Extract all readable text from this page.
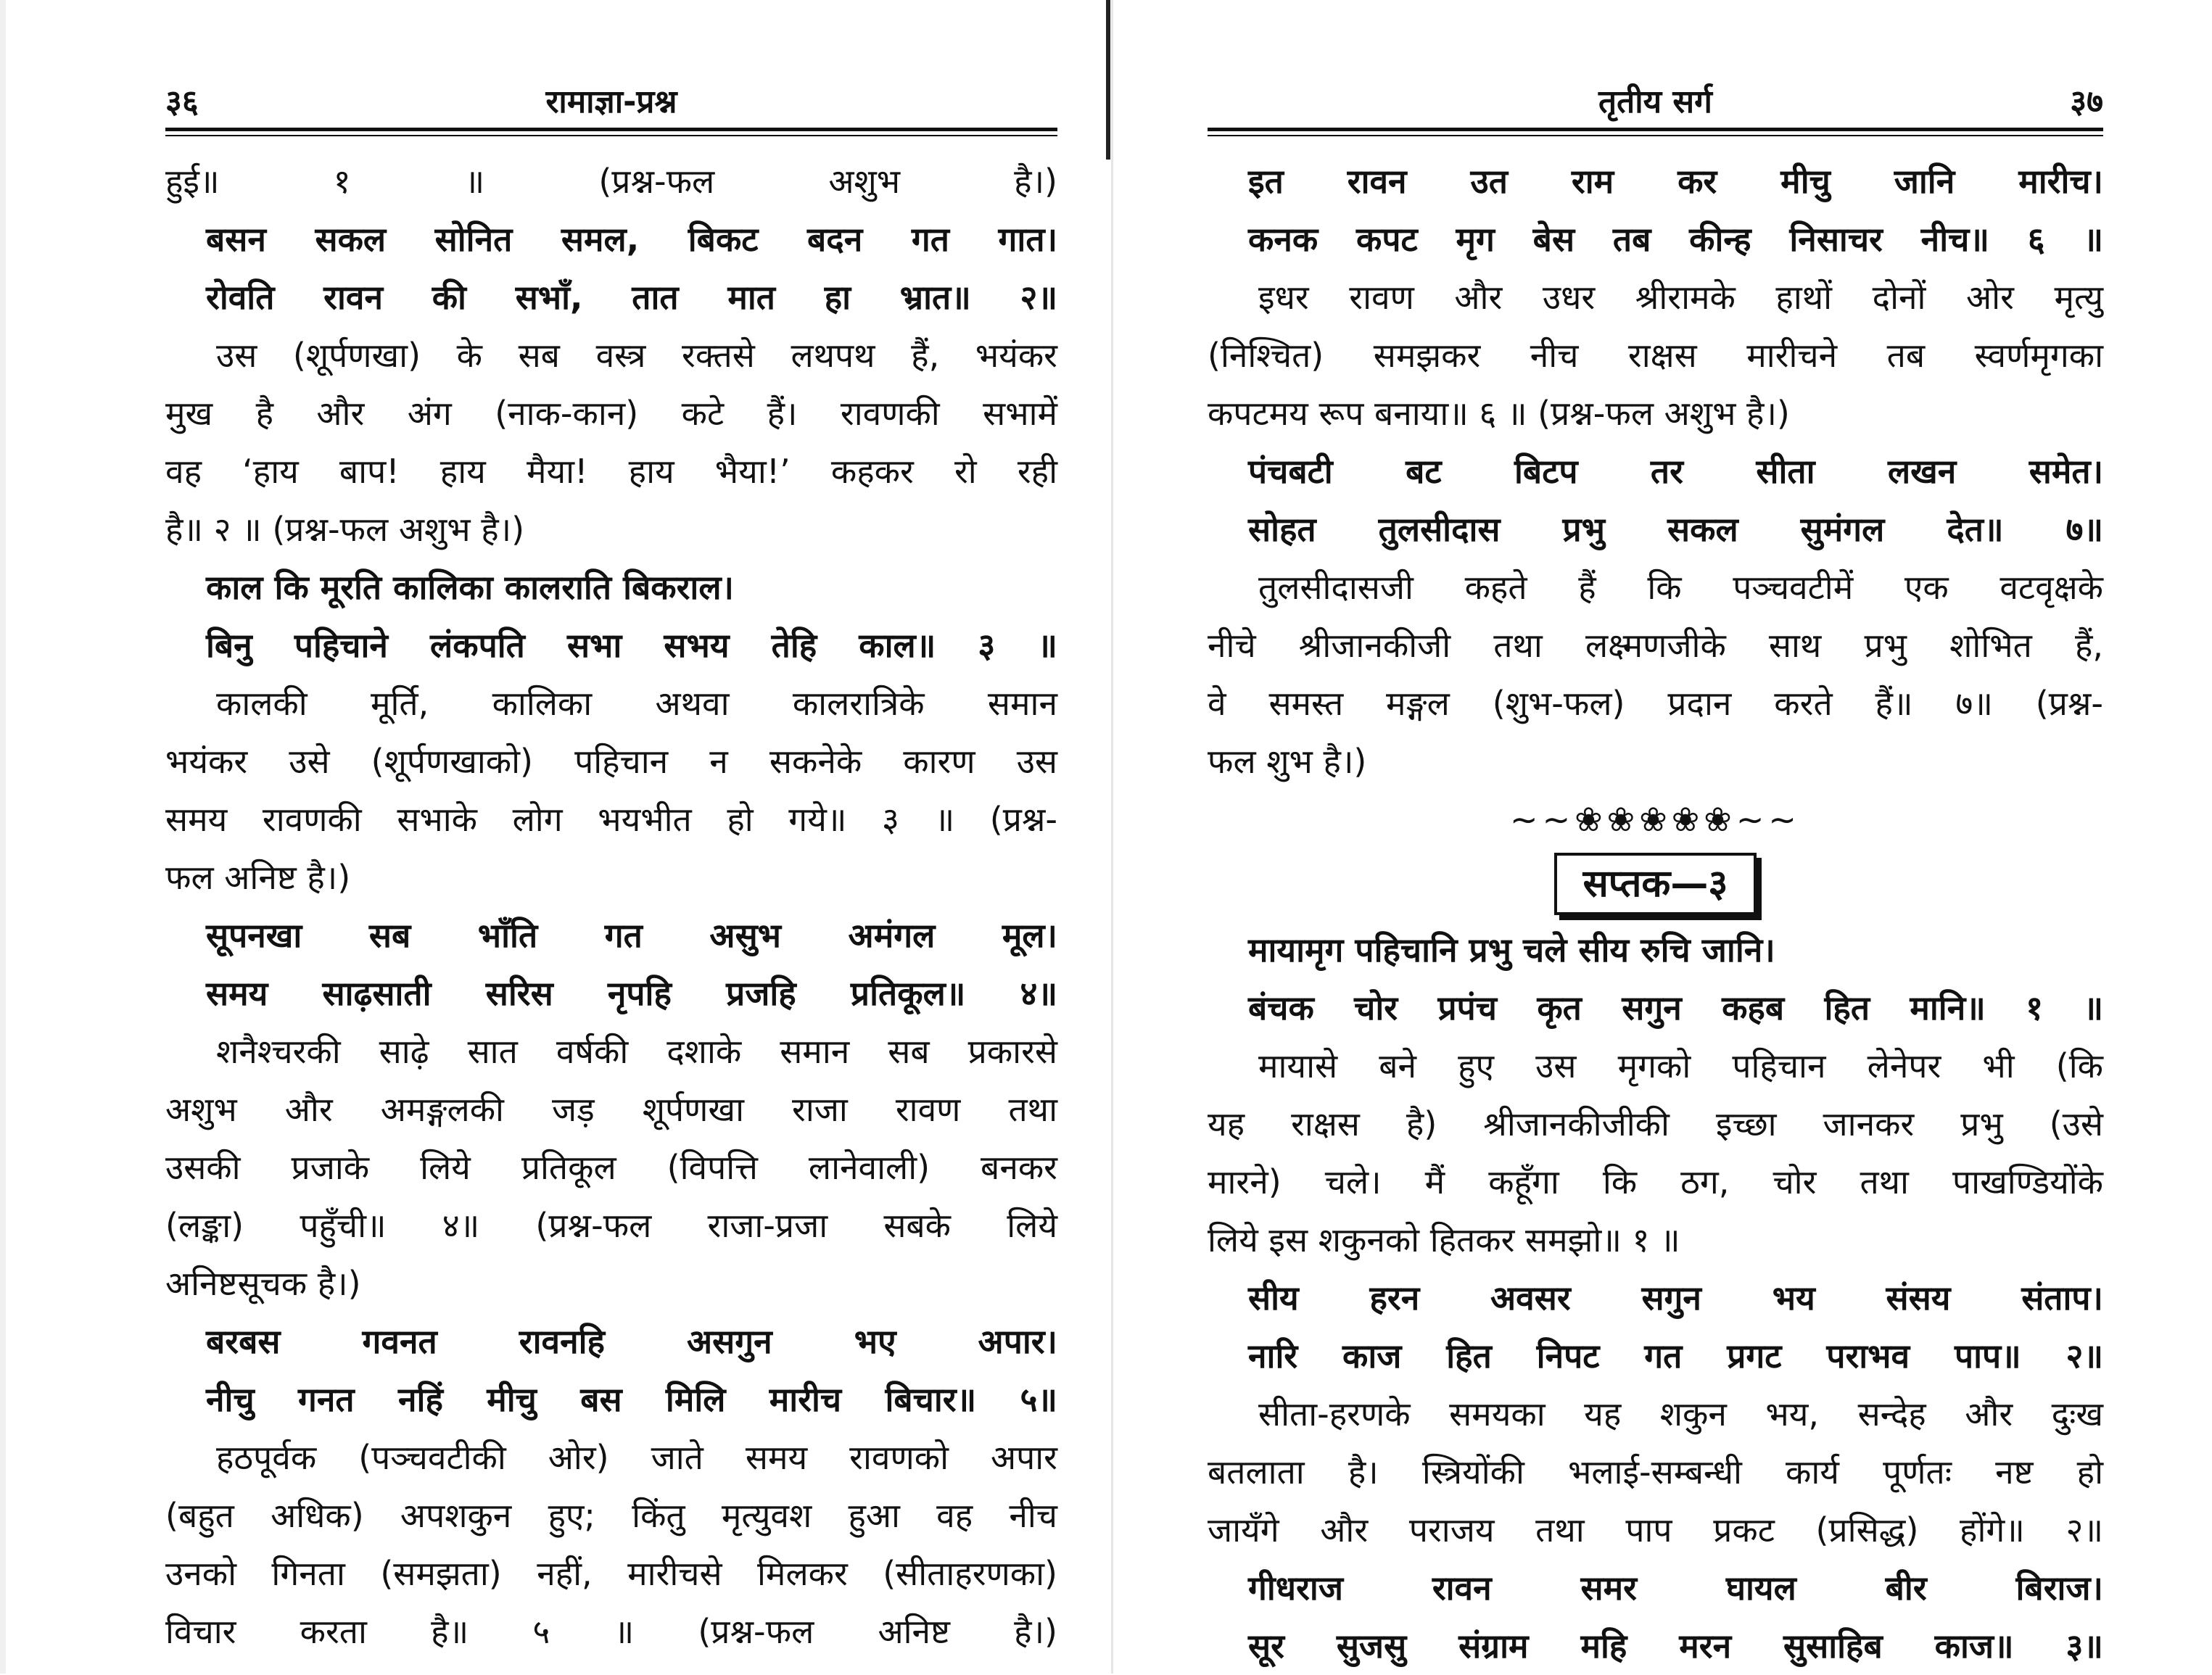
३६	रामाज्ञा-प्रश्न
हुई॥ १ ॥ (प्रश्न-फल अशुभ है।)
बसन सकल सोनित समल, बिकट बदन गत गात।
रोवति रावन की सभाँ, तात मात हा भ्रात॥ २॥
उस (शूर्पणखा) के सब वस्त्र रक्तसे लथपथ हैं, भयंकर
मुख है और अंग (नाक-कान) कटे हैं। रावणकी सभामें
वह ‘हाय बाप! हाय मैया! हाय भैया!’ कहकर रो रही
है॥ २ ॥ (प्रश्न-फल अशुभ है।)
काल कि मूरति कालिका कालराति बिकराल।
बिनु पहिचाने लंकपति सभा सभय तेहि काल॥ ३ ॥
कालकी मूर्ति, कालिका अथवा कालरात्रिके समान
भयंकर उसे (शूर्पणखाको) पहिचान न सकनेके कारण उस
समय रावणकी सभाके लोग भयभीत हो गये॥ ३ ॥ (प्रश्न-
फल अनिष्ट है।)
सूपनखा सब भाँति गत असुभ अमंगल मूल।
समय साढ़साती सरिस नृपहि प्रजहि प्रतिकूल॥ ४॥
शनैश्चरकी साढ़े सात वर्षकी दशाके समान सब प्रकारसे
अशुभ और अमङ्गलकी जड़ शूर्पणखा राजा रावण तथा
उसकी प्रजाके लिये प्रतिकूल (विपत्ति लानेवाली) बनकर
(लङ्का) पहुँची॥ ४॥ (प्रश्न-फल राजा-प्रजा सबके लिये
अनिष्टसूचक है।)
बरबस गवनत रावनहि असगुन भए अपार।
नीचु गनत नहिं मीचु बस मिलि मारीच बिचार॥ ५॥
हठपूर्वक (पञ्चवटीकी ओर) जाते समय रावणको अपार
(बहुत अधिक) अपशकुन हुए; किंतु मृत्युवश हुआ वह नीच
उनको गिनता (समझता) नहीं, मारीचसे मिलकर (सीताहरणका)
विचार करता है॥ ५ ॥ (प्रश्न-फल अनिष्ट है।)
तृतीय सर्ग	३७
इत रावन उत राम कर मीचु जानि मारीच।
कनक कपट मृग बेस तब कीन्ह निसाचर नीच॥ ६ ॥
इधर रावण और उधर श्रीरामके हाथों दोनों ओर मृत्यु
(निश्चित) समझकर नीच राक्षस मारीचने तब स्वर्णमृगका
कपटमय रूप बनाया॥ ६ ॥ (प्रश्न-फल अशुभ है।)
पंचबटी बट बिटप तर सीता लखन समेत।
सोहत तुलसीदास प्रभु सकल सुमंगल देत॥ ७॥
तुलसीदासजी कहते हैं कि पञ्चवटीमें एक वटवृक्षके
नीचे श्रीजानकीजी तथा लक्ष्मणजीके साथ प्रभु शोभित हैं,
वे समस्त मङ्गल (शुभ-फल) प्रदान करते हैं॥ ७॥ (प्रश्न-
फल शुभ है।)
~~❀❀❀❀❀~~
सप्तक—३
मायामृग पहिचानि प्रभु चले सीय रुचि जानि।
बंचक चोर प्रपंच कृत सगुन कहब हित मानि॥ १ ॥
मायासे बने हुए उस मृगको पहिचान लेनेपर भी (कि
यह राक्षस है) श्रीजानकीजीकी इच्छा जानकर प्रभु (उसे
मारने) चले। मैं कहूँगा कि ठग, चोर तथा पाखण्डियोंके
लिये इस शकुनको हितकर समझो॥ १ ॥
सीय हरन अवसर सगुन भय संसय संताप।
नारि काज हित निपट गत प्रगट पराभव पाप॥ २॥
सीता-हरणके समयका यह शकुन भय, सन्देह और दुःख
बतलाता है। स्त्रियोंकी भलाई-सम्बन्धी कार्य पूर्णतः नष्ट हो
जायँगे और पराजय तथा पाप प्रकट (प्रसिद्ध) होंगे॥ २॥
गीधराज रावन समर घायल बीर बिराज।
सूर सुजसु संग्राम महि मरन सुसाहिब काज॥ ३॥
